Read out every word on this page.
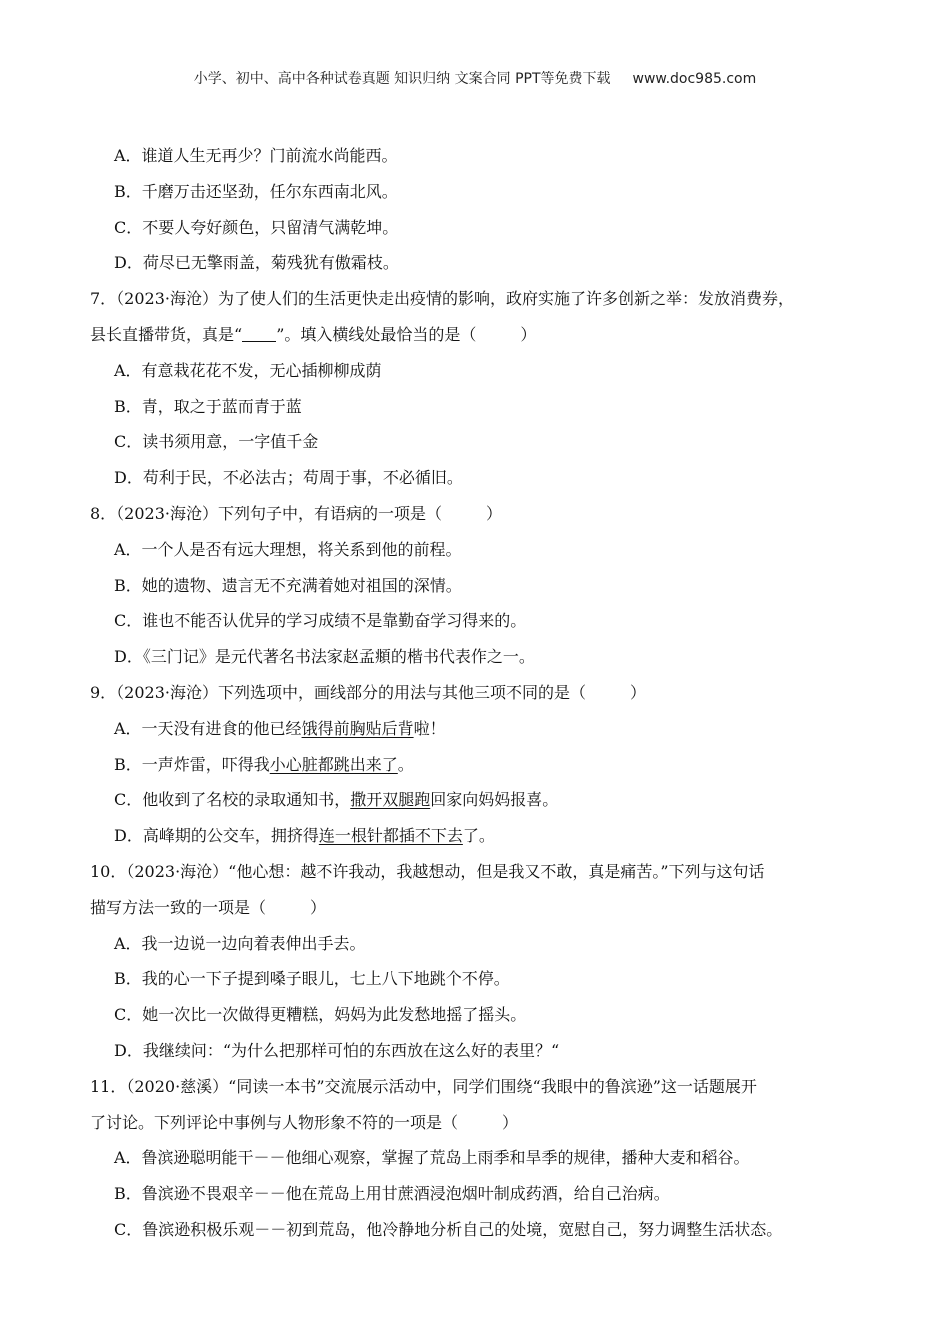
小学、初中、高中各种试卷真题 知识归纳 文案合同 PPT等免费下载 www.doc985.com
A．谁道人生无再少？门前流水尚能西。
B．千磨万击还坚劲，任尔东西南北风。
C．不要人夸好颜色，只留清气满乾坤。
D．荷尽已无擎雨盖，菊残犹有傲霜枝。
7．（2023·海沧）为了使人们的生活更快走出疫情的影响，政府实施了许多创新之举：发放消费券，
县长直播带货，真是“ ”。填入横线处最恰当的是（	）
A．有意栽花花不发，无心插柳柳成荫
B．青，取之于蓝而青于蓝
C．读书须用意，一字值千金
D．苟利于民，不必法古；苟周于事，不必循旧。
8．（2023·海沧）下列句子中，有语病的一项是（	）
A．一个人是否有远大理想，将关系到他的前程。
B．她的遗物、遗言无不充满着她对祖国的深情。
C．谁也不能否认优异的学习成绩不是靠勤奋学习得来的。
D．《三门记》是元代著名书法家赵孟頫的楷书代表作之一。
9．（2023·海沧）下列选项中，画线部分的用法与其他三项不同的是（	）
A．一天没有进食的他已经饿得前胸贴后背啦！
B．一声炸雷，吓得我小心脏都跳出来了。
C．他收到了名校的录取通知书，撒开双腿跑回家向妈妈报喜。
D．高峰期的公交车，拥挤得连一根针都插不下去了。
10．（2023·海沧）“他心想：越不许我动，我越想动，但是我又不敢，真是痛苦。”下列与这句话
描写方法一致的一项是（	）
A．我一边说一边向着表伸出手去。
B．我的心一下子提到嗓子眼儿，七上八下地跳个不停。
C．她一次比一次做得更糟糕，妈妈为此发愁地摇了摇头。
D．我继续问：“为什么把那样可怕的东西放在这么好的表里？“
11．（2020·慈溪）“同读一本书”交流展示活动中，同学们围绕“我眼中的鲁滨逊”这一话题展开
了讨论。下列评论中事例与人物形象不符的一项是（	）
A．鲁滨逊聪明能干－－他细心观察，掌握了荒岛上雨季和旱季的规律，播种大麦和稻谷。
B．鲁滨逊不畏艰辛－－他在荒岛上用甘蔗酒浸泡烟叶制成药酒，给自己治病。
C．鲁滨逊积极乐观－－初到荒岛，他冷静地分析自己的处境，宽慰自己，努力调整生活状态。
